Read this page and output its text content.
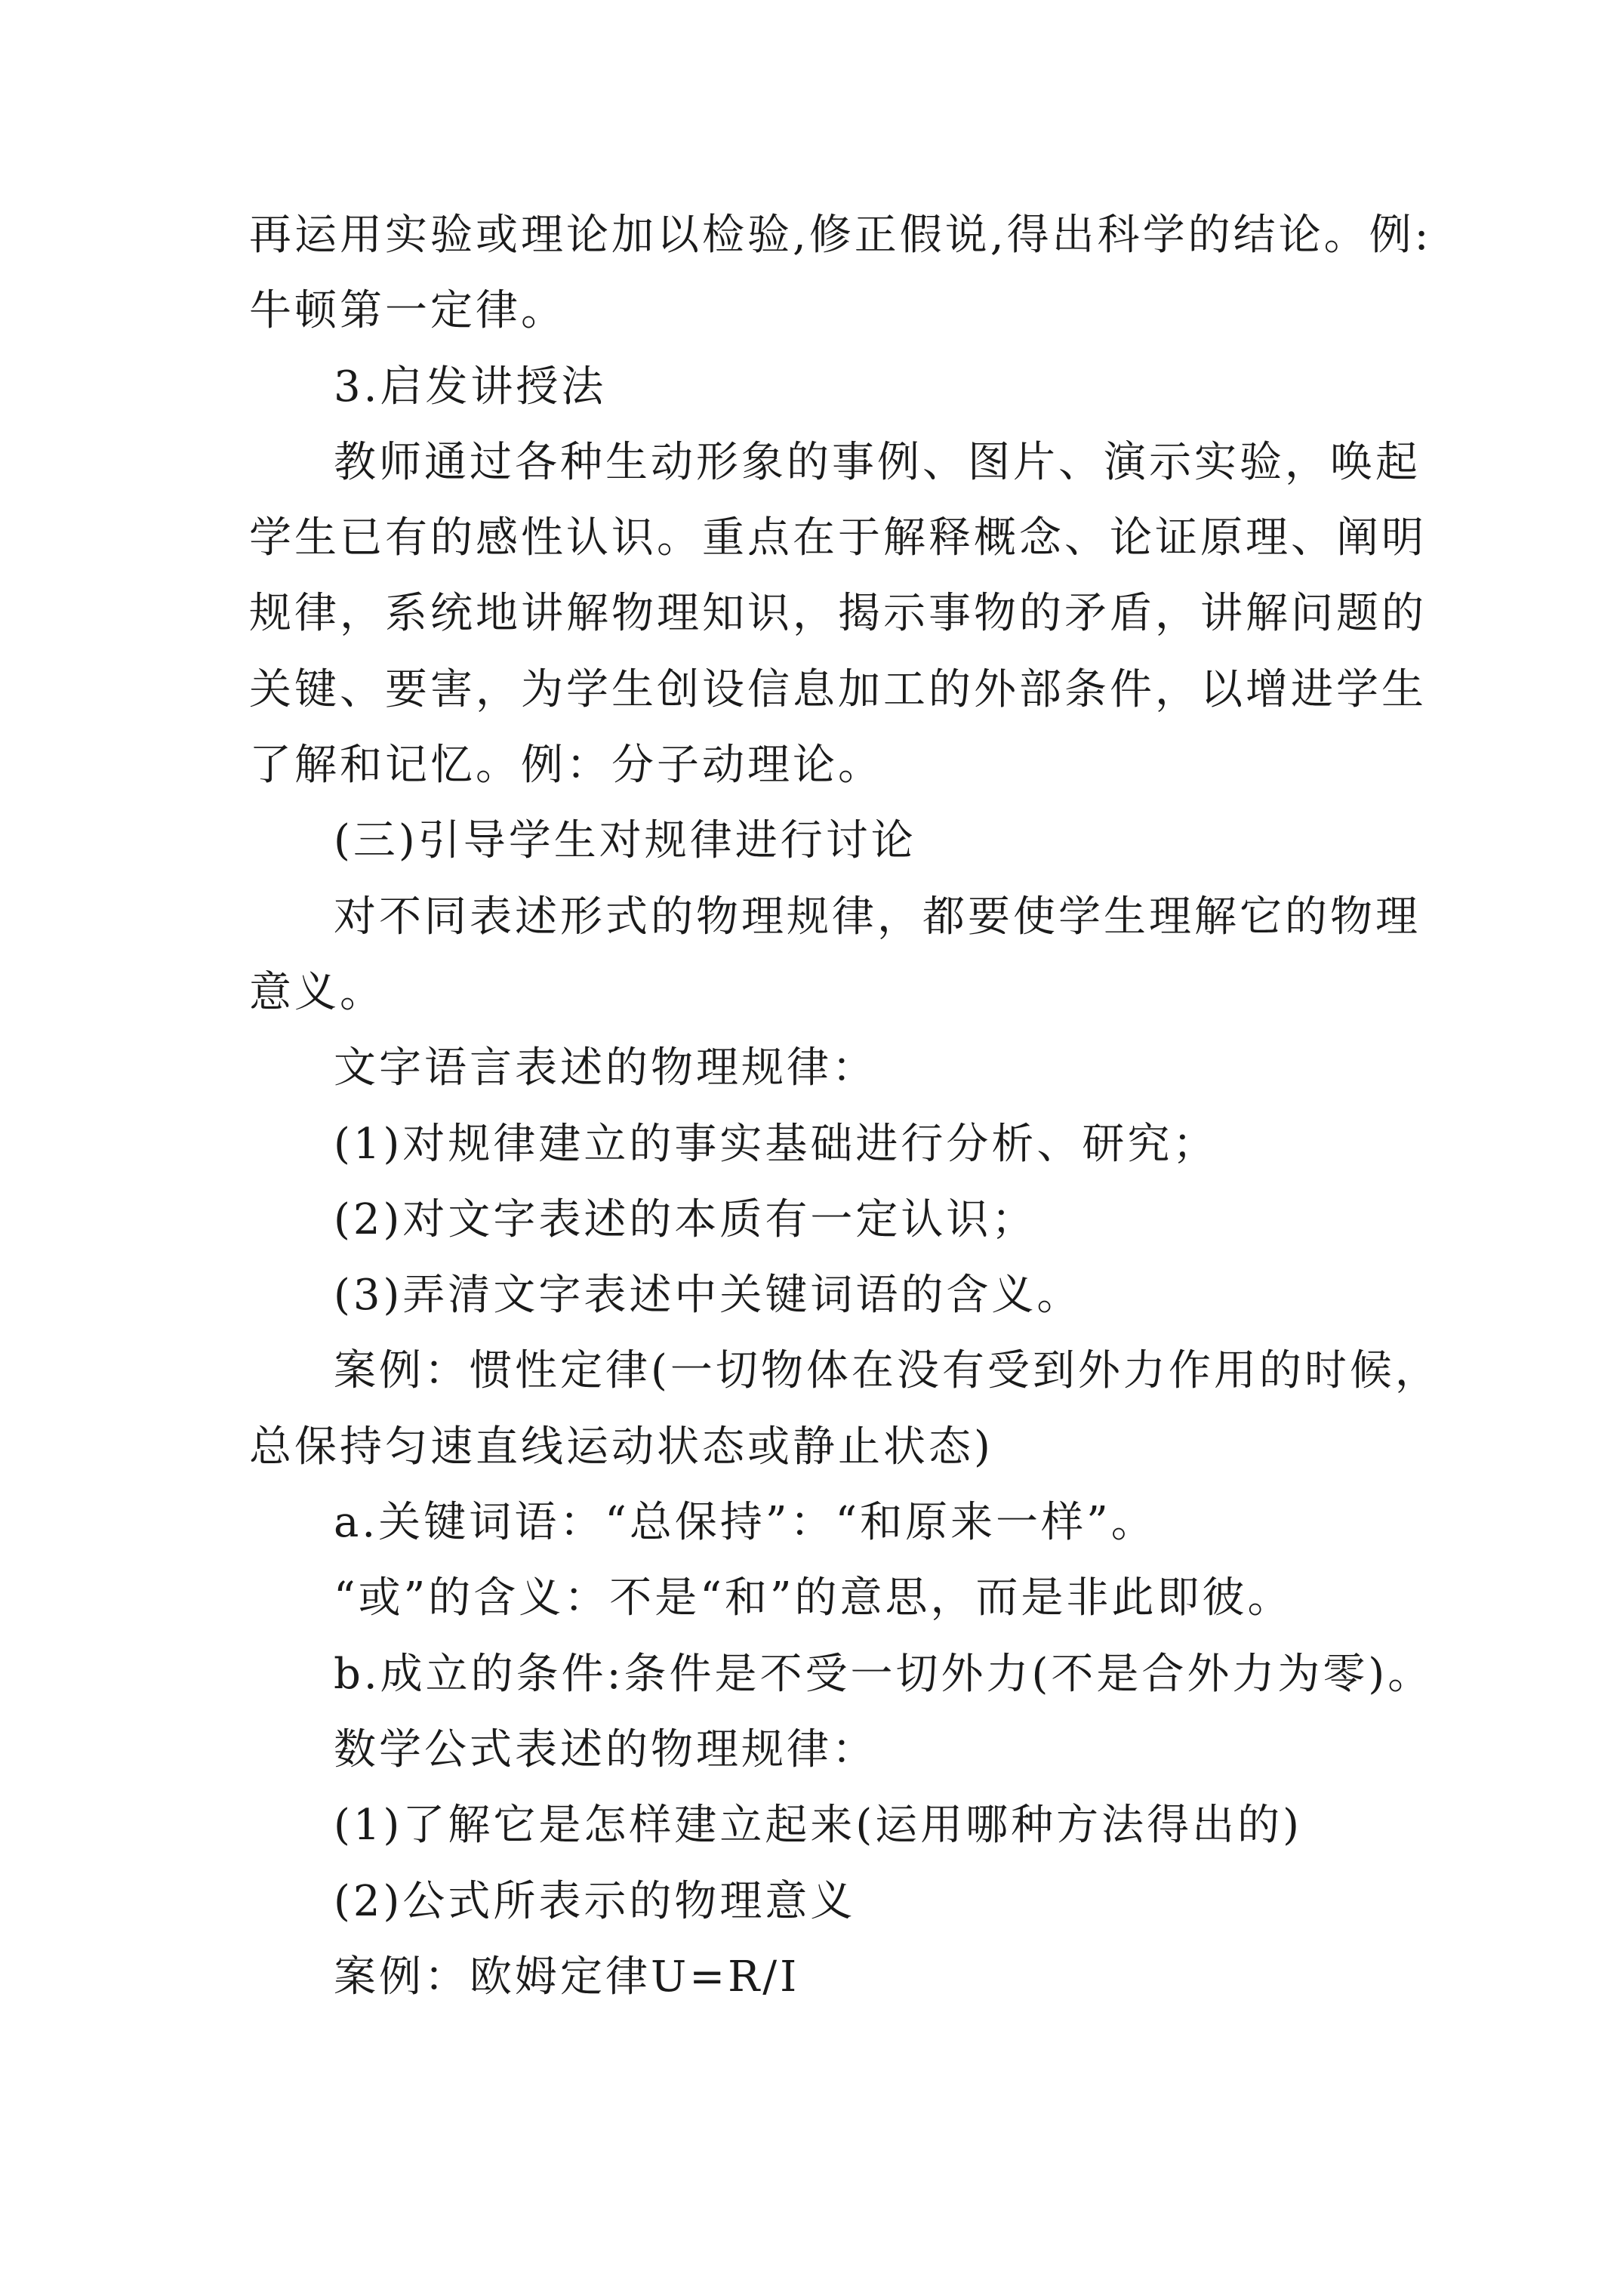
再运用实验或理论加以检验,修正假说,得出科学的结论。例:
牛顿第一定律。
3.启发讲授法
教师通过各种生动形象的事例、图片、演示实验，唤起
学生已有的感性认识。重点在于解释概念、论证原理、阐明
规律，系统地讲解物理知识，揭示事物的矛盾，讲解问题的
关键、要害，为学生创设信息加工的外部条件，以增进学生
了解和记忆。例：分子动理论。
(三)引导学生对规律进行讨论
对不同表述形式的物理规律，都要使学生理解它的物理
意义。
文字语言表述的物理规律：
(1)对规律建立的事实基础进行分析、研究；
(2)对文字表述的本质有一定认识；
(3)弄清文字表述中关键词语的含义。
案例：惯性定律(一切物体在没有受到外力作用的时候，
总保持匀速直线运动状态或静止状态)
a.关键词语：“总保持”：“和原来一样”。
“或”的含义：不是“和”的意思，而是非此即彼。
b.成立的条件:条件是不受一切外力(不是合外力为零)。
数学公式表述的物理规律：
(1)了解它是怎样建立起来(运用哪种方法得出的)
(2)公式所表示的物理意义
案例：欧姆定律U=R/I
